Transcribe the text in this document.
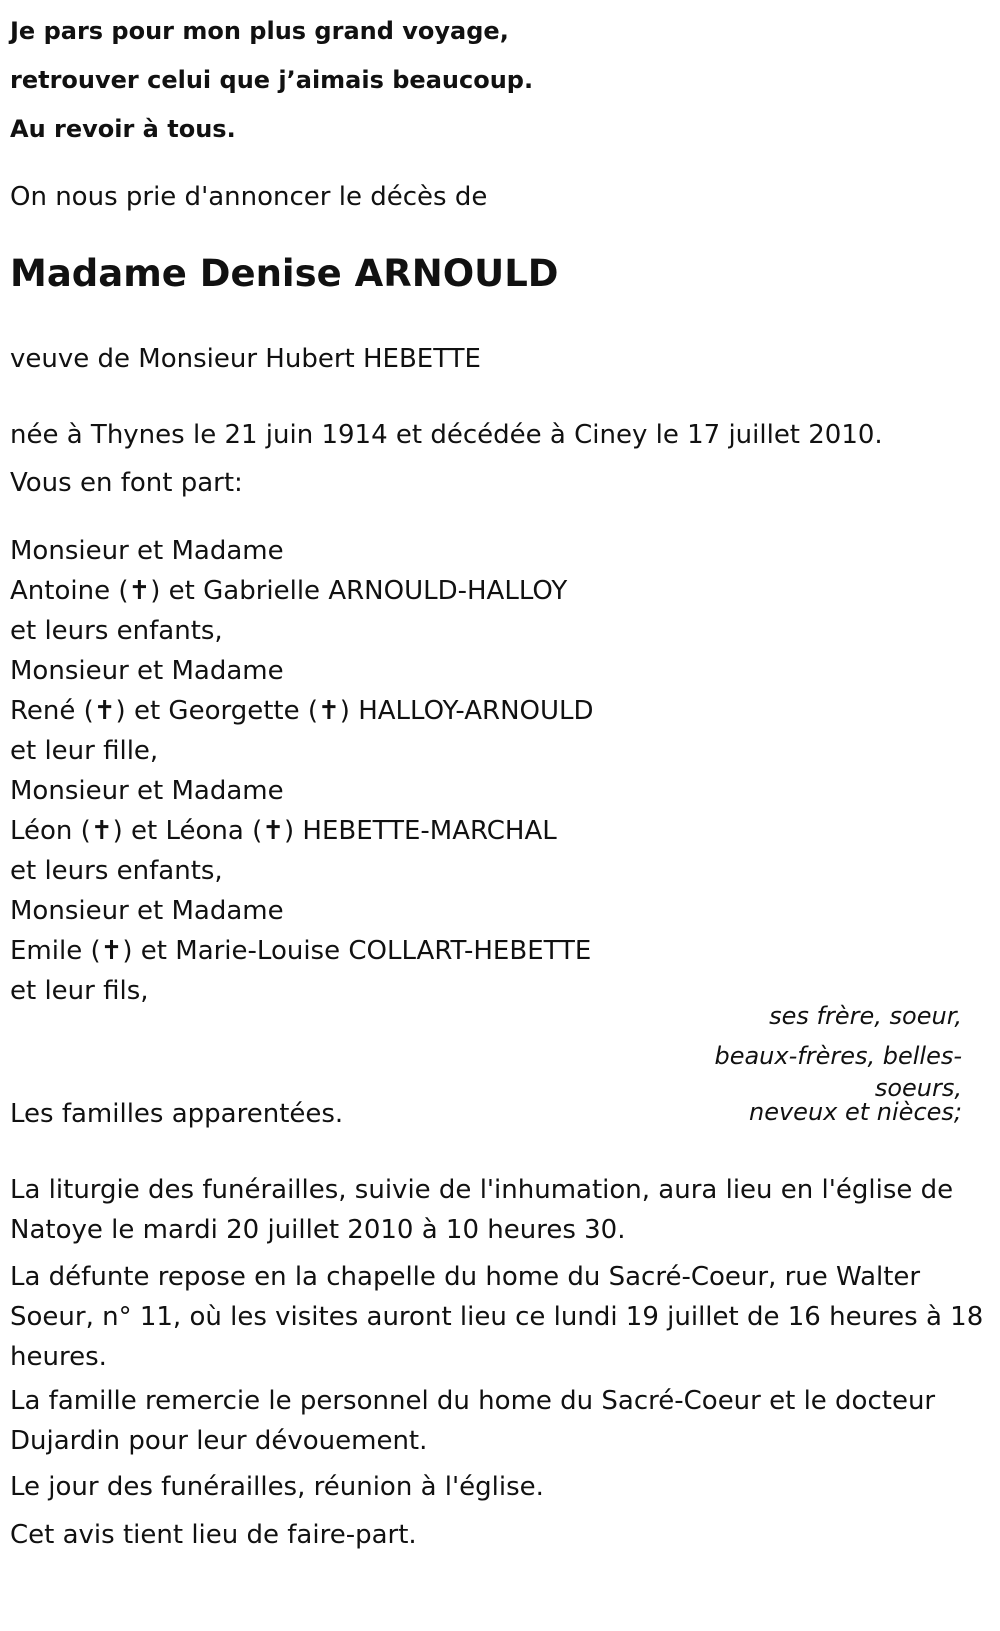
Je pars pour mon plus grand voyage,
retrouver celui que j’aimais beaucoup.
Au revoir à tous.
On nous prie d'annoncer le décès de
Madame Denise ARNOULD
veuve de Monsieur Hubert HEBETTE
née à Thynes le 21 juin 1914 et décédée à Ciney le 17 juillet 2010.
Vous en font part:
Monsieur et Madame
Antoine (✝) et Gabrielle ARNOULD-HALLOY
et leurs enfants,
Monsieur et Madame
René (✝) et Georgette (✝) HALLOY-ARNOULD
et leur fille,
Monsieur et Madame
Léon (✝) et Léona (✝) HEBETTE-MARCHAL
et leurs enfants,
Monsieur et Madame
Emile (✝) et Marie-Louise COLLART-HEBETTE
et leur fils,
ses frère, soeur,
beaux-frères, belles-
soeurs,
neveux et nièces;
Les familles apparentées.
La liturgie des funérailles, suivie de l'inhumation, aura lieu en l'église de Natoye le mardi 20 juillet 2010 à 10 heures 30.
La défunte repose en la chapelle du home du Sacré-Coeur, rue Walter Soeur, n° 11, où les visites auront lieu ce lundi 19 juillet de 16 heures à 18 heures.
La famille remercie le personnel du home du Sacré-Coeur et le docteur Dujardin pour leur dévouement.
Le jour des funérailles, réunion à l'église.
Cet avis tient lieu de faire-part.
